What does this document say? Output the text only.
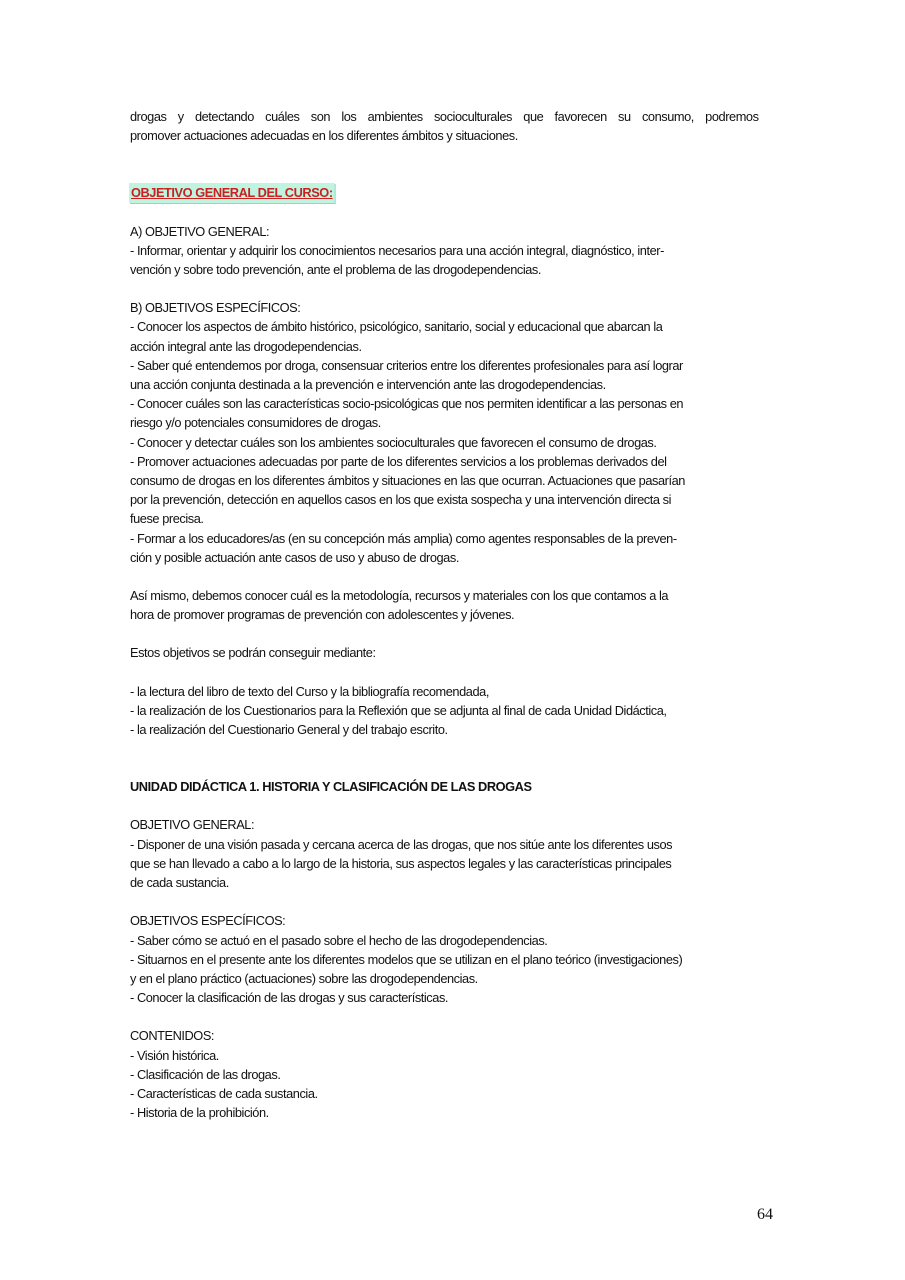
drogas y detectando cuáles son los ambientes socioculturales que favorecen su consumo, podremos
promover actuaciones adecuadas en los diferentes ámbitos y situaciones.

OBJETIVO GENERAL DEL CURSO:

A) OBJETIVO GENERAL:

- Informar, orientar y adquirir los conocimientos necesarios para una acción integral, diagnóstico, inter-
vención y sobre todo prevención, ante el problema de las drogodependencias.

B) OBJETIVOS ESPECÍFICOS:

- Conocer los aspectos de ámbito histórico, psicológico, sanitario, social y educacional que abarcan la
acción integral ante las drogodependencias.
- Saber qué entendemos por droga, consensuar criterios entre los diferentes profesionales para así lograr
una acción conjunta destinada a la prevención e intervención ante las drogodependencias.
- Conocer cuáles son las características socio-psicológicas que nos permiten identificar a las personas en
riesgo y/o potenciales consumidores de drogas.
- Conocer y detectar cuáles son los ambientes socioculturales que favorecen el consumo de drogas.
- Promover actuaciones adecuadas por parte de los diferentes servicios a los problemas derivados del
consumo de drogas en los diferentes ámbitos y situaciones en las que ocurran. Actuaciones que pasarían
por la prevención, detección en aquellos casos en los que exista sospecha y una intervención directa si
fuese precisa.
- Formar a los educadores/as (en su concepción más amplia) como agentes responsables de la preven-
ción y posible actuación ante casos de uso y abuso de drogas.

Así mismo, debemos conocer cuál es la metodología, recursos y materiales con los que contamos a la
hora de promover programas de prevención con adolescentes y jóvenes.

Estos objetivos se podrán conseguir mediante:

- la lectura del libro de texto del Curso y la bibliografía recomendada,
- la realización de los Cuestionarios para la Reflexión que se adjunta al final de cada Unidad Didáctica,
- la realización del Cuestionario General y del trabajo escrito.

UNIDAD DIDÁCTICA 1. HISTORIA Y CLASIFICACIÓN DE LAS DROGAS

OBJETIVO GENERAL:

- Disponer de una visión pasada y cercana acerca de las drogas, que nos sitúe ante los diferentes usos
que se han llevado a cabo a lo largo de la historia, sus aspectos legales y las características principales
de cada sustancia.

OBJETIVOS ESPECÍFICOS:

- Saber cómo se actuó en el pasado sobre el hecho de las drogodependencias.
- Situarnos en el presente ante los diferentes modelos que se utilizan en el plano teórico (investigaciones)
y en el plano práctico (actuaciones) sobre las drogodependencias.
- Conocer la clasificación de las drogas y sus características.

CONTENIDOS:

- Visión histórica.
- Clasificación de las drogas.
- Características de cada sustancia.
- Historia de la prohibición.

64
